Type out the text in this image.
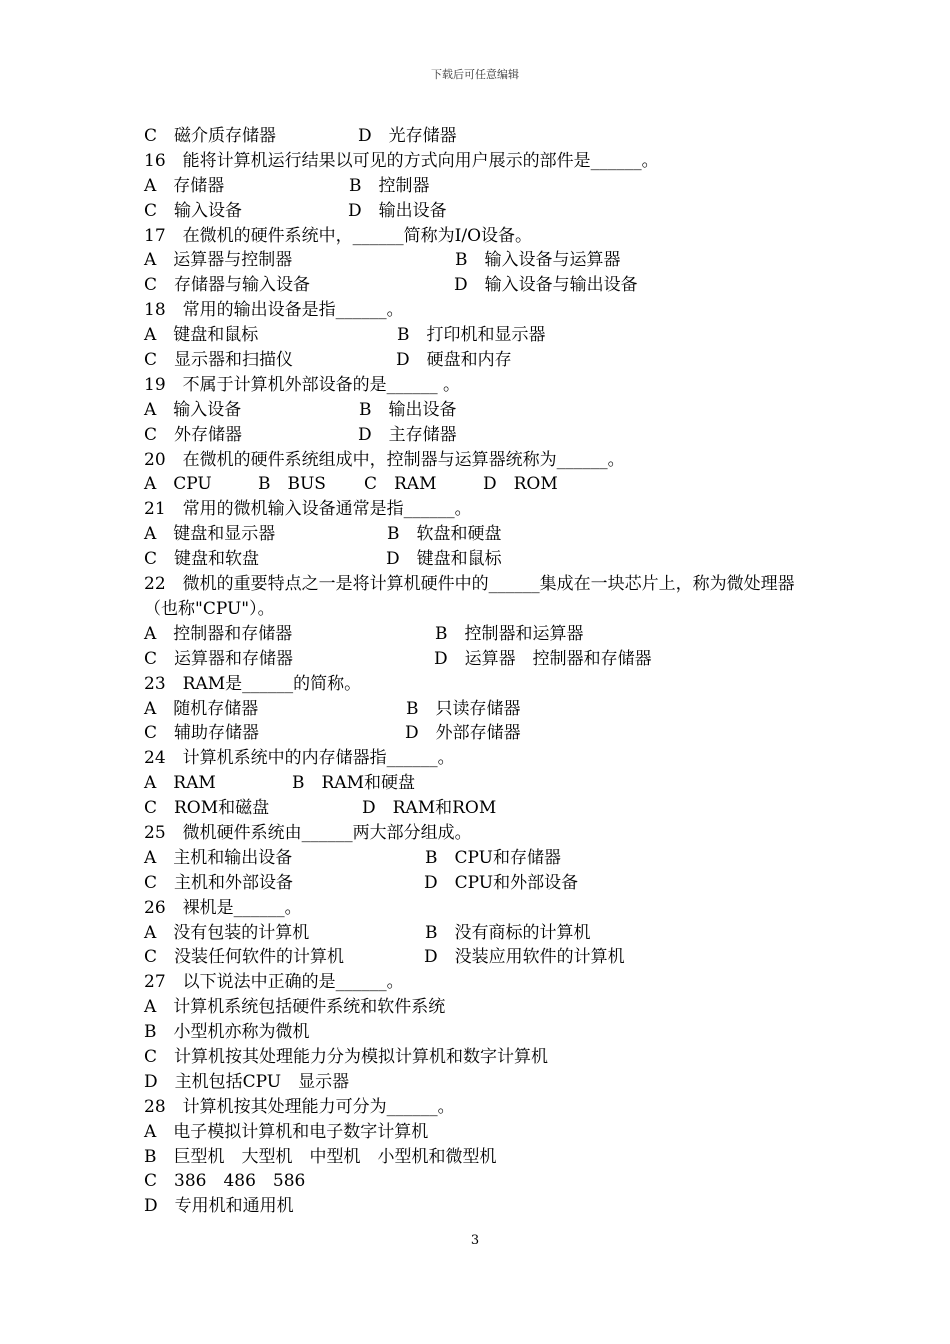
下载后可任意编辑
C　磁介质存储器	D　光存储器
16　能将计算机运行结果以可见的方式向用户展示的部件是______。
A　存储器	B　控制器
C　输入设备	D　输出设备
17　在微机的硬件系统中，______简称为I/O设备。
A　运算器与控制器	B　输入设备与运算器
C　存储器与输入设备	D　输入设备与输出设备
18　常用的输出设备是指______。
A　键盘和鼠标	B　打印机和显示器
C　显示器和扫描仪	D　硬盘和内存
19　不属于计算机外部设备的是______ 。
A　输入设备	B　输出设备
C　外存储器	D　主存储器
20　在微机的硬件系统组成中，控制器与运算器统称为______。
A　CPU	B　BUS C　RAM	D　ROM
21　常用的微机输入设备通常是指______。
A　键盘和显示器	B　软盘和硬盘
C　键盘和软盘	D　键盘和鼠标
22　微机的重要特点之一是将计算机硬件中的______集成在一块芯片上，称为微处理器（也称"CPU"）。
A　控制器和存储器	B　控制器和运算器
C　运算器和存储器	D　运算器　控制器和存储器
23　RAM是______的简称。
A　随机存储器	B　只读存储器
C　辅助存储器	D　外部存储器
24　计算机系统中的内存储器指______。
A　RAM	B　RAM和硬盘
C　ROM和磁盘	D　RAM和ROM
25　微机硬件系统由______两大部分组成。
A　主机和输出设备	B　CPU和存储器
C　主机和外部设备	D　CPU和外部设备
26　裸机是______。
A　没有包装的计算机	B　没有商标的计算机
C　没装任何软件的计算机	D　没装应用软件的计算机
27　以下说法中正确的是______。
A　计算机系统包括硬件系统和软件系统
B　小型机亦称为微机
C　计算机按其处理能力分为模拟计算机和数字计算机
D　主机包括CPU　显示器
28　计算机按其处理能力可分为______。
A　电子模拟计算机和电子数字计算机
B　巨型机　大型机　中型机　小型机和微型机
C　386　486　586
D　专用机和通用机
3
